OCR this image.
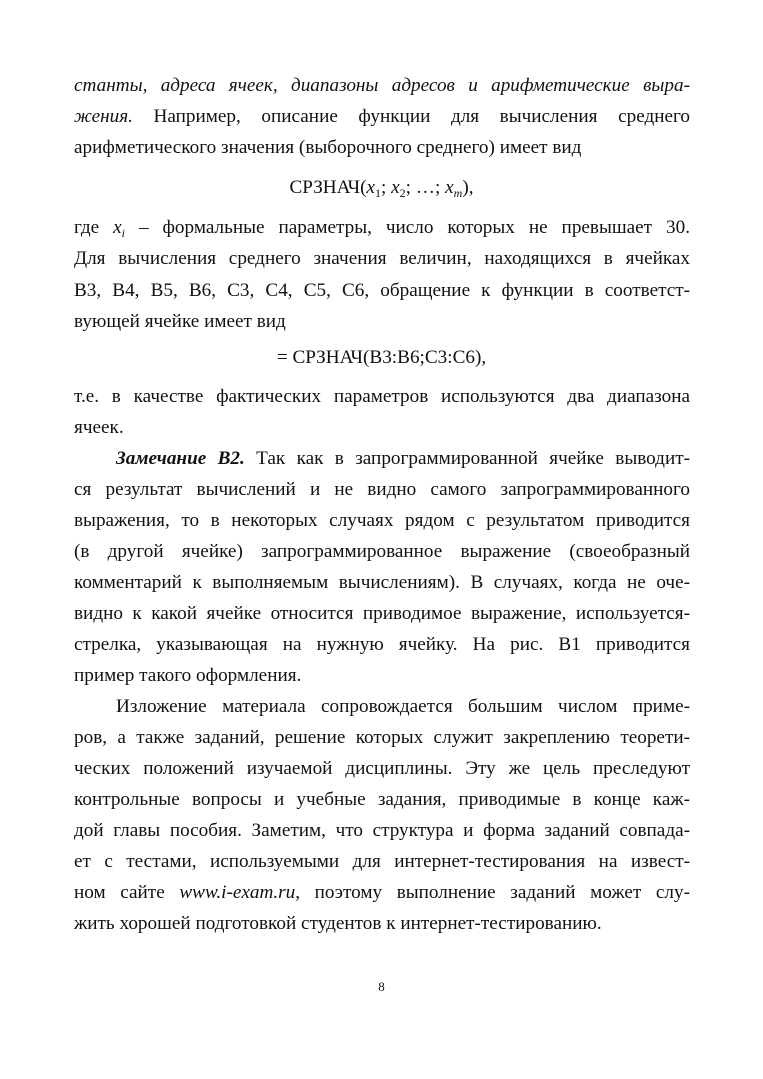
станты, адреса ячеек, диапазоны адресов и арифметические выра-
жения. Например, описание функции для вычисления среднего
арифметического значения (выборочного среднего) имеет вид
$СРЗНАЧ(x_1$; $x_2$; …; $x_m$),
где $x_i$ – формальные параметры, число которых не превышает 30.
Для вычисления среднего значения величин, находящихся в ячейках
B3, B4, B5, B6, C3, C4, C5, C6, обращение к функции в соответст-
вующей ячейке имеет вид
= СРЗНАЧ(B3:B6;C3:C6),
т.е. в качестве фактических параметров используются два диапазона
ячеек.
Замечание В2. Так как в запрограммированной ячейке выводит-
ся результат вычислений и не видно самого запрограммированного
выражения, то в некоторых случаях рядом с результатом приводится
(в другой ячейке) запрограммированное выражение (своеобразный
комментарий к выполняемым вычислениям). В случаях, когда не оче-
видно к какой ячейке относится приводимое выражение, используется-
стрелка, указывающая на нужную ячейку. На рис. В1 приводится
пример такого оформления.
Изложение материала сопровождается большим числом приме-
ров, а также заданий, решение которых служит закреплению теорети-
ческих положений изучаемой дисциплины. Эту же цель преследуют
контрольные вопросы и учебные задания, приводимые в конце каж-
дой главы пособия. Заметим, что структура и форма заданий совпада-
ет с тестами, используемыми для интернет-тестирования на извест-
ном сайте www.i-exam.ru, поэтому выполнение заданий может слу-
жить хорошей подготовкой студентов к интернет-тестированию.
8
